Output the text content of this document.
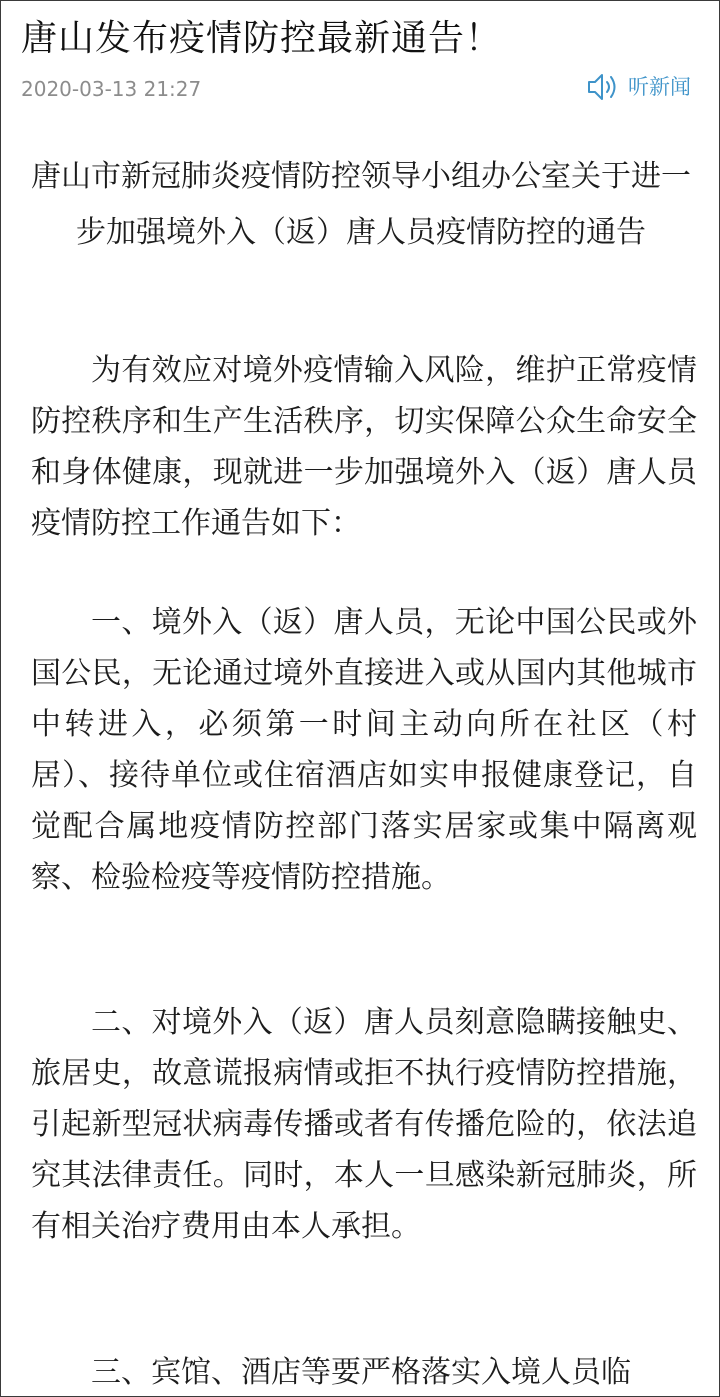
唐山发布疫情防控最新通告！
2020-03-13 21:27	听新闻
唐山市新冠肺炎疫情防控领导小组办公室关于进一步加强境外入（返）唐人员疫情防控的通告

为有效应对境外疫情输入风险，维护正常疫情防控秩序和生产生活秩序，切实保障公众生命安全和身体健康，现就进一步加强境外入（返）唐人员疫情防控工作通告如下：

一、境外入（返）唐人员，无论中国公民或外国公民，无论通过境外直接进入或从国内其他城市中转进入，必须第一时间主动向所在社区（村居）、接待单位或住宿酒店如实申报健康登记，自觉配合属地疫情防控部门落实居家或集中隔离观察、检验检疫等疫情防控措施。

二、对境外入（返）唐人员刻意隐瞒接触史、旅居史，故意谎报病情或拒不执行疫情防控措施，引起新型冠状病毒传播或者有传播危险的，依法追究其法律责任。同时，本人一旦感染新冠肺炎，所有相关治疗费用由本人承担。

三、宾馆、酒店等要严格落实入境人员临
